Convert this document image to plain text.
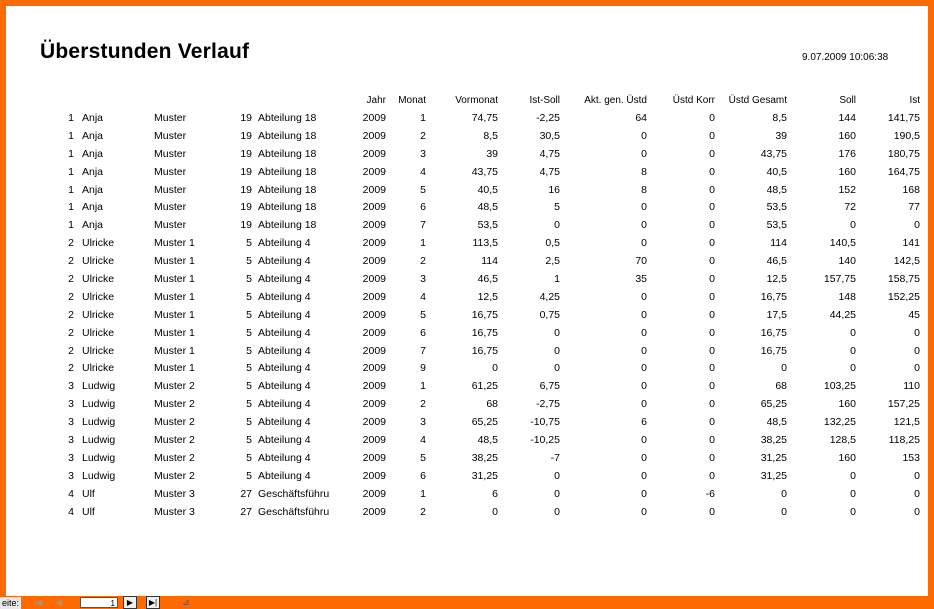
Überstunden Verlauf	9.07.2009 10:06:38
					Jahr	Monat	Vormonat	Ist-Soll	Akt. gen. Üstd	Üstd Korr	Üstd Gesamt	Soll	Ist
1	Anja	Muster	19	Abteilung 18	2009	1	74,75	-2,25	64	0	8,5	144	141,75
1	Anja	Muster	19	Abteilung 18	2009	2	8,5	30,5	0	0	39	160	190,5
1	Anja	Muster	19	Abteilung 18	2009	3	39	4,75	0	0	43,75	176	180,75
1	Anja	Muster	19	Abteilung 18	2009	4	43,75	4,75	8	0	40,5	160	164,75
1	Anja	Muster	19	Abteilung 18	2009	5	40,5	16	8	0	48,5	152	168
1	Anja	Muster	19	Abteilung 18	2009	6	48,5	5	0	0	53,5	72	77
1	Anja	Muster	19	Abteilung 18	2009	7	53,5	0	0	0	53,5	0	0
2	Ulricke	Muster 1	5	Abteilung 4	2009	1	113,5	0,5	0	0	114	140,5	141
2	Ulricke	Muster 1	5	Abteilung 4	2009	2	114	2,5	70	0	46,5	140	142,5
2	Ulricke	Muster 1	5	Abteilung 4	2009	3	46,5	1	35	0	12,5	157,75	158,75
2	Ulricke	Muster 1	5	Abteilung 4	2009	4	12,5	4,25	0	0	16,75	148	152,25
2	Ulricke	Muster 1	5	Abteilung 4	2009	5	16,75	0,75	0	0	17,5	44,25	45
2	Ulricke	Muster 1	5	Abteilung 4	2009	6	16,75	0	0	0	16,75	0	0
2	Ulricke	Muster 1	5	Abteilung 4	2009	7	16,75	0	0	0	16,75	0	0
2	Ulricke	Muster 1	5	Abteilung 4	2009	9	0	0	0	0	0	0	0
3	Ludwig	Muster 2	5	Abteilung 4	2009	1	61,25	6,75	0	0	68	103,25	110
3	Ludwig	Muster 2	5	Abteilung 4	2009	2	68	-2,75	0	0	65,25	160	157,25
3	Ludwig	Muster 2	5	Abteilung 4	2009	3	65,25	-10,75	6	0	48,5	132,25	121,5
3	Ludwig	Muster 2	5	Abteilung 4	2009	4	48,5	-10,25	0	0	38,25	128,5	118,25
3	Ludwig	Muster 2	5	Abteilung 4	2009	5	38,25	-7	0	0	31,25	160	153
3	Ludwig	Muster 2	5	Abteilung 4	2009	6	31,25	0	0	0	31,25	0	0
4	Ulf	Muster 3	27	Geschäftsführu	2009	1	6	0	0	-6	0	0	0
4	Ulf	Muster 3	27	Geschäftsführu	2009	2	0	0	0	0	0	0	0
eite: |◀ ◀	1	▶	▶|	⊿
